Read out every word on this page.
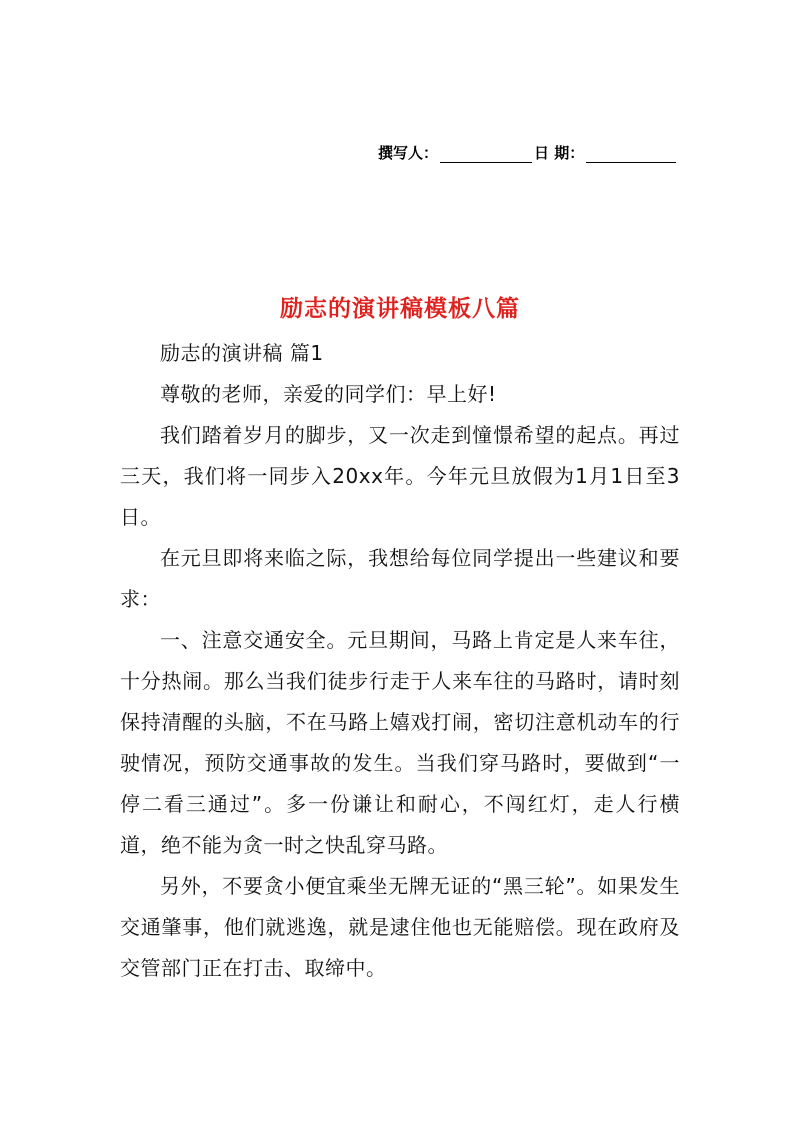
撰写人：	日 期：
励志的演讲稿模板八篇

励志的演讲稿 篇1

尊敬的老师，亲爱的同学们：早上好!

我们踏着岁月的脚步，又一次走到憧憬希望的起点。再过三天，我们将一同步入20xx年。今年元旦放假为1月1日至3日。

在元旦即将来临之际，我想给每位同学提出一些建议和要求：

一、注意交通安全。元旦期间，马路上肯定是人来车往，十分热闹。那么当我们徒步行走于人来车往的马路时，请时刻保持清醒的头脑，不在马路上嬉戏打闹，密切注意机动车的行驶情况，预防交通事故的发生。当我们穿马路时，要做到“一停二看三通过”。多一份谦让和耐心，不闯红灯，走人行横道，绝不能为贪一时之快乱穿马路。

另外，不要贪小便宜乘坐无牌无证的“黑三轮”。如果发生交通肇事，他们就逃逸，就是逮住他也无能赔偿。现在政府及交管部门正在打击、取缔中。
